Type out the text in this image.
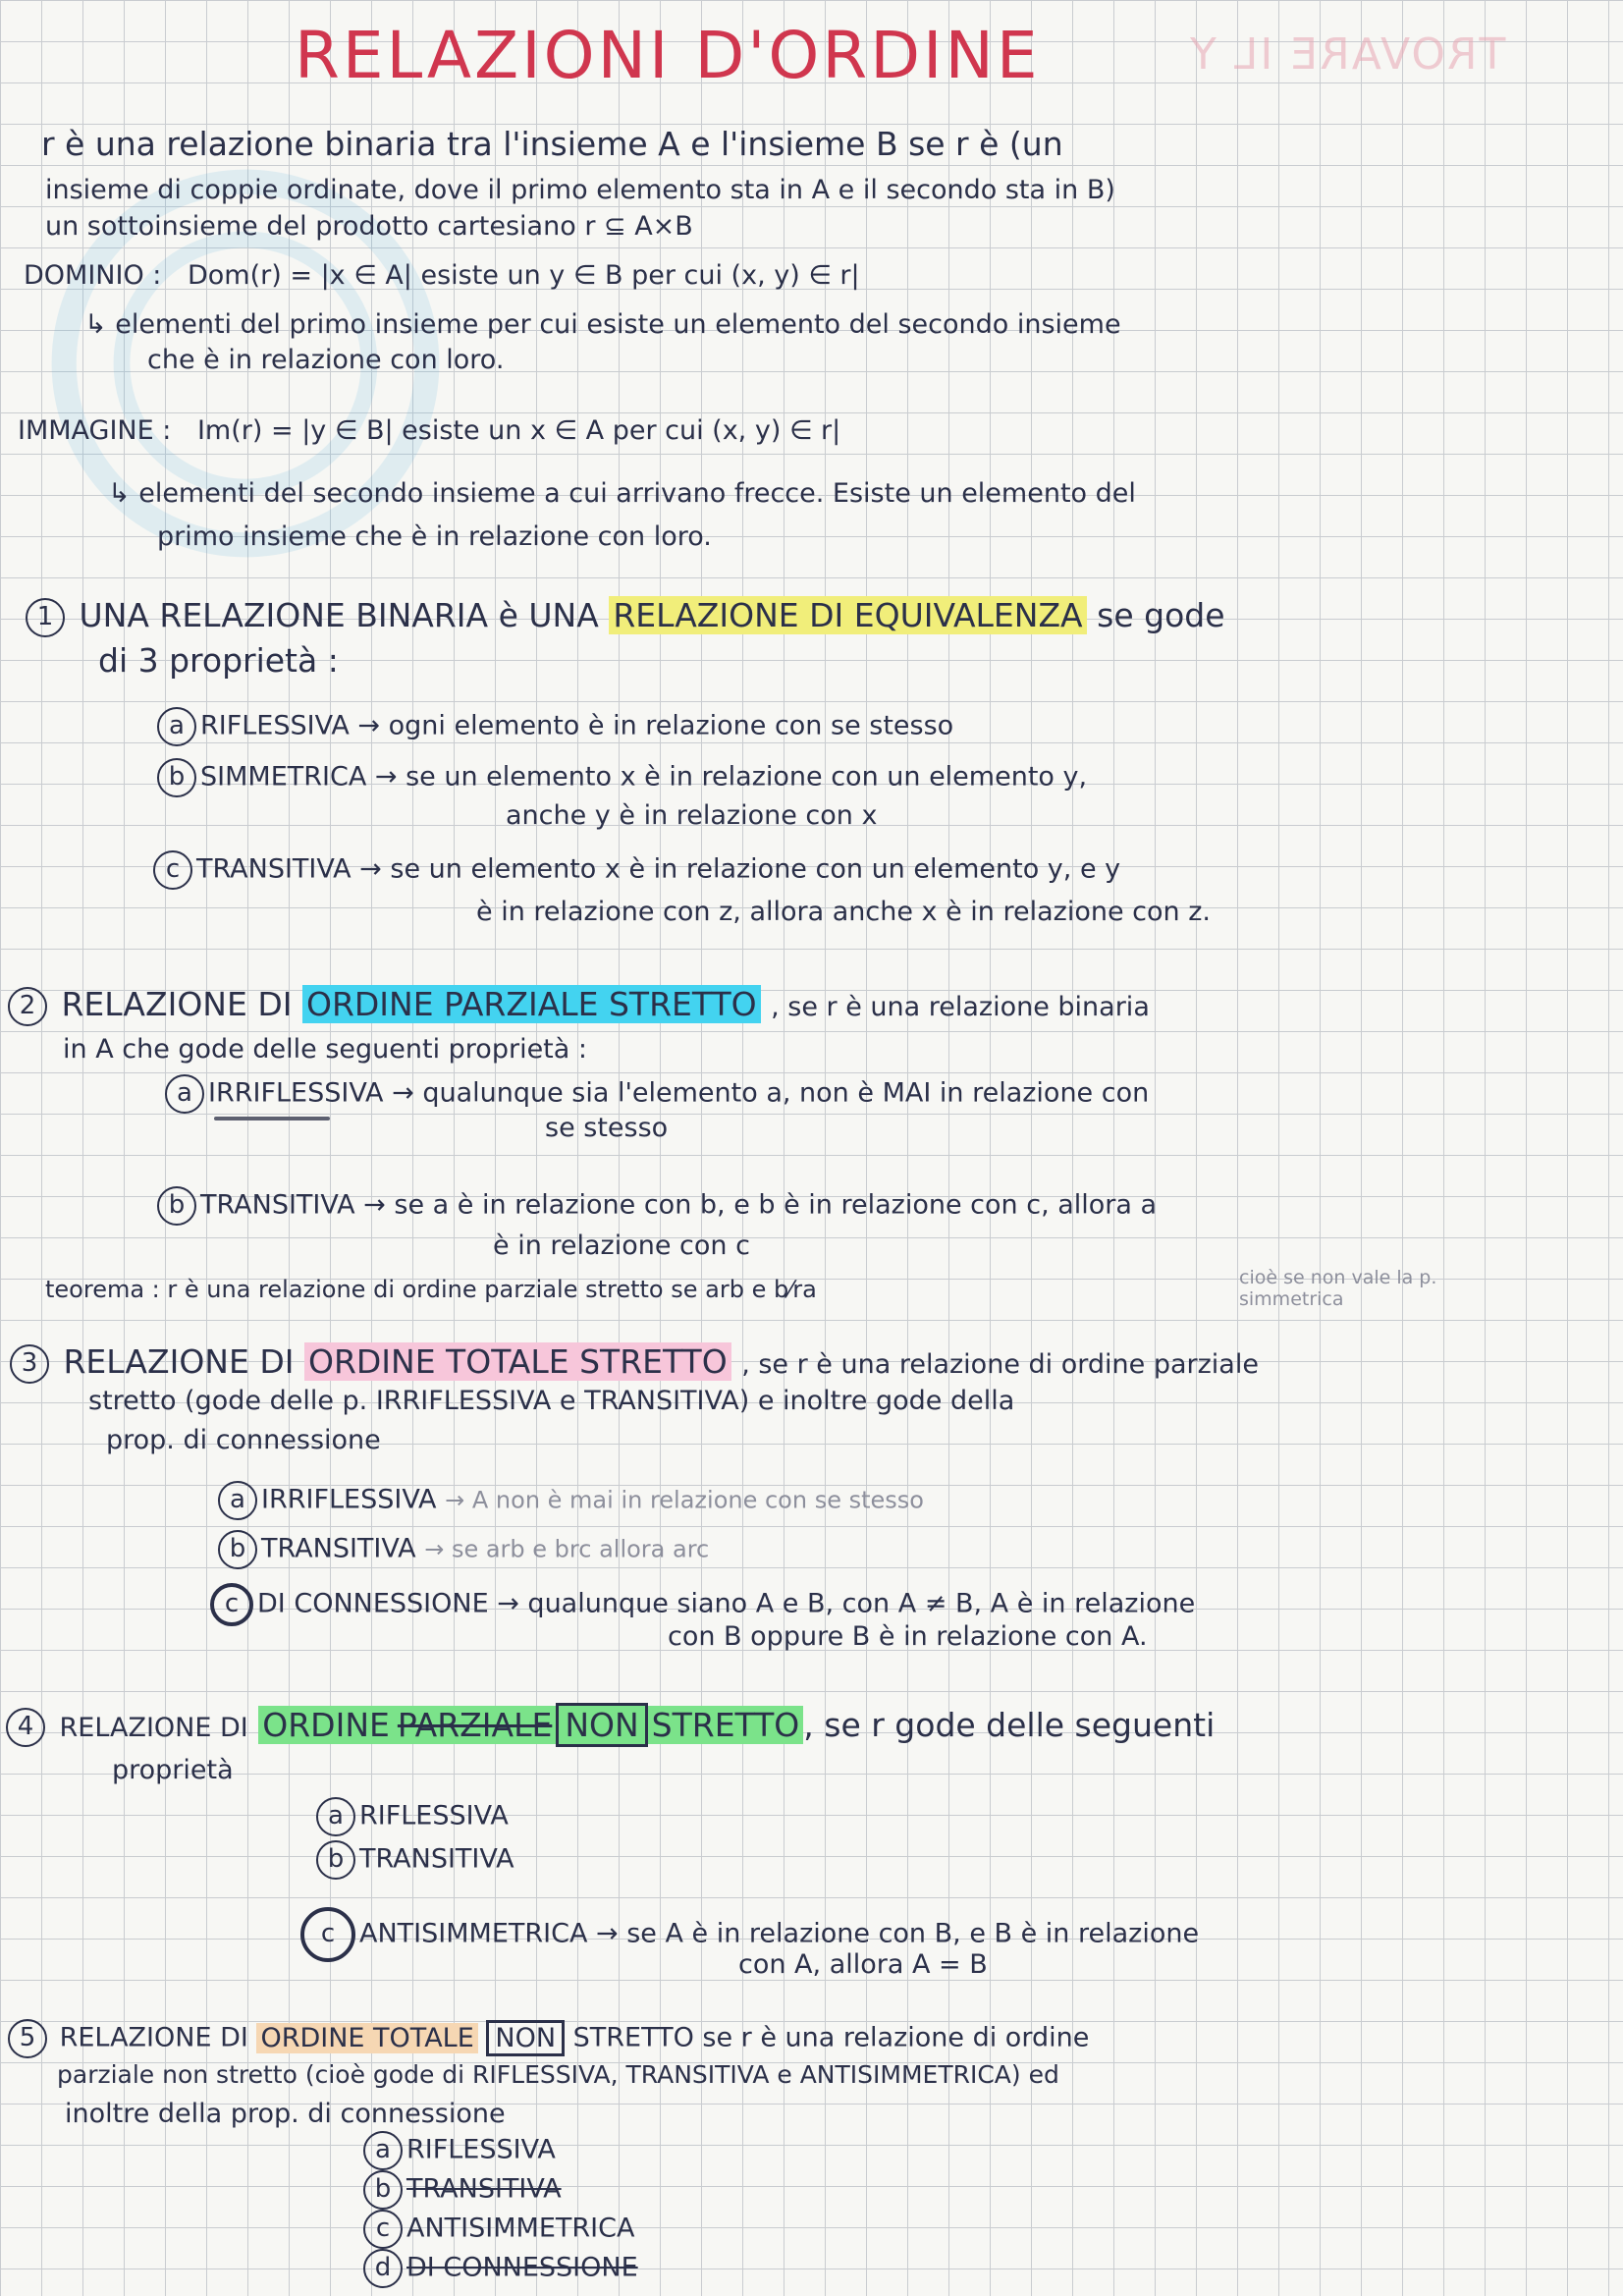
TROVARE IL Y
RELAZIONI D'ORDINE
r è una relazione binaria tra l'insieme A e l'insieme B se r è (un
insieme di coppie ordinate, dove il primo elemento sta in A e il secondo sta in B)
un sottoinsieme del prodotto cartesiano r ⊆ A×B
DOMINIO : Dom(r) = |x ∈ A| esiste un y ∈ B per cui (x, y) ∈ r|
↳ elementi del primo insieme per cui esiste un elemento del secondo insieme
che è in relazione con loro.
IMMAGINE : Im(r) = |y ∈ B| esiste un x ∈ A per cui (x, y) ∈ r|
↳ elementi del secondo insieme a cui arrivano frecce. Esiste un elemento del
primo insieme che è in relazione con loro.
1 UNA RELAZIONE BINARIA è UNA RELAZIONE DI EQUIVALENZA se gode
di 3 proprietà :
a RIFLESSIVA → ogni elemento è in relazione con se stesso
b SIMMETRICA → se un elemento x è in relazione con un elemento y,
anche y è in relazione con x
c TRANSITIVA → se un elemento x è in relazione con un elemento y, e y
è in relazione con z, allora anche x è in relazione con z.
2 RELAZIONE DI ORDINE PARZIALE STRETTO , se r è una relazione binaria
in A che gode delle seguenti proprietà :
a IRRIFLESSIVA → qualunque sia l'elemento a, non è MAI in relazione con
se stesso
b TRANSITIVA → se a è in relazione con b, e b è in relazione con c, allora a
è in relazione con c
teorema : r è una relazione di ordine parziale stretto se arb e b⁄ra	cioè se non vale la p. simmetrica
3 RELAZIONE DI ORDINE TOTALE STRETTO , se r è una relazione di ordine parziale
stretto (gode delle p. IRRIFLESSIVA e TRANSITIVA) e inoltre gode della
prop. di connessione
a IRRIFLESSIVA → A non è mai in relazione con se stesso
b TRANSITIVA → se arb e brc allora arc
c DI CONNESSIONE → qualunque siano A e B, con A ≠ B, A è in relazione
con B oppure B è in relazione con A.
4 RELAZIONE DI ORDINE PARZIALE NON STRETTO , se r gode delle seguenti
proprietà
a RIFLESSIVA
b TRANSITIVA
c ANTISIMMETRICA → se A è in relazione con B, e B è in relazione
con A, allora A = B
5 RELAZIONE DI ORDINE TOTALE NON STRETTO se r è una relazione di ordine
parziale non stretto (cioè gode di RIFLESSIVA, TRANSITIVA e ANTISIMMETRICA) ed
inoltre della prop. di connessione
a RIFLESSIVA
b TRANSITIVA
c ANTISIMMETRICA
d DI CONNESSIONE
